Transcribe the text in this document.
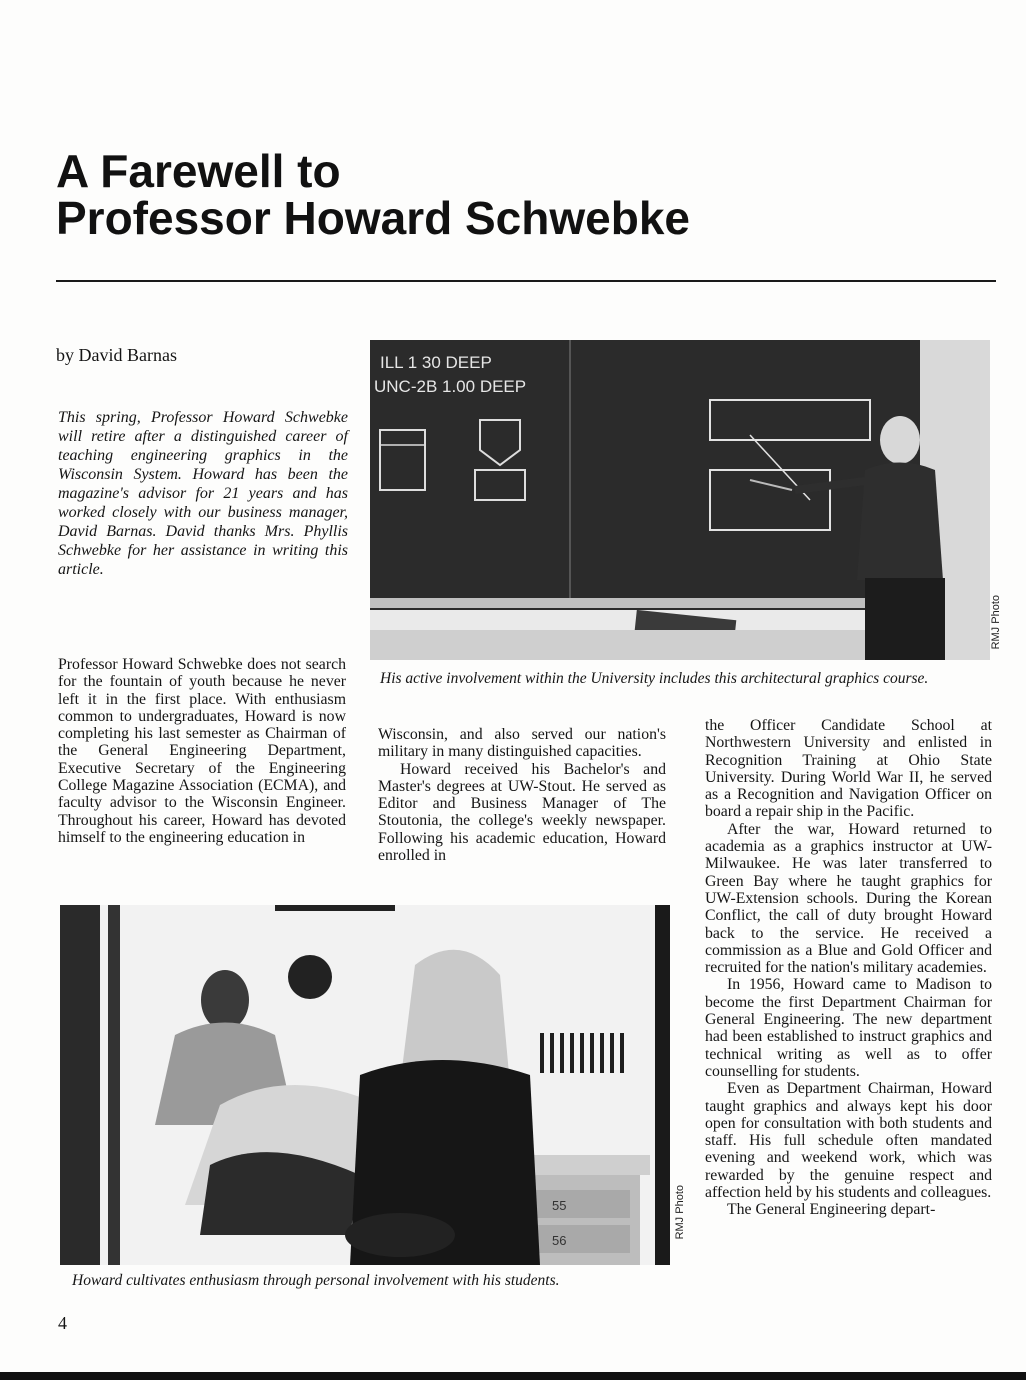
A Farewell to
Professor Howard Schwebke
by David Barnas
This spring, Professor Howard Schwebke will retire after a distinguished career of teaching engineering graphics in the Wisconsin System. Howard has been the magazine's advisor for 21 years and has worked closely with our business manager, David Barnas. David thanks Mrs. Phyllis Schwebke for her assistance in writing this article.

Professor Howard Schwebke does not search for the fountain of youth because he never left it in the first place. With enthusiasm common to undergraduates, Howard is now completing his last semester as Chairman of the General Engineering Department, Executive Secretary of the Engineering College Magazine Association (ECMA), and faculty advisor to the Wisconsin Engineer. Throughout his career, Howard has devoted himself to the engineering education in

Wisconsin, and also served our nation's military in many distinguished capacities.

Howard received his Bachelor's and Master's degrees at UW-Stout. He served as Editor and Business Manager of The Stoutonia, the college's weekly newspaper. Following his academic education, Howard enrolled in

the Officer Candidate School at Northwestern University and enlisted in Recognition Training at Ohio State University. During World War II, he served as a Recognition and Navigation Officer on board a repair ship in the Pacific.

After the war, Howard returned to academia as a graphics instructor at UW-Milwaukee. He was later transferred to Green Bay where he taught graphics for UW-Extension schools. During the Korean Conflict, the call of duty brought Howard back to the service. He received a commission as a Blue and Gold Officer and recruited for the nation's military academies.

In 1956, Howard came to Madison to become the first Department Chairman for General Engineering. The new department had been established to instruct graphics and technical writing as well as to offer counselling for students.

Even as Department Chairman, Howard taught graphics and always kept his door open for consultation with both students and staff. His full schedule often mandated evening and weekend work, which was rewarded by the genuine respect and affection held by his students and colleagues.

The General Engineering depart-

ILL 1 30 DEEP
UNC-2B 1.00 DEEP
RMJ Photo
His active involvement within the University includes this architectural graphics course.
55
56
RMJ Photo
Howard cultivates enthusiasm through personal involvement with his students.
4
